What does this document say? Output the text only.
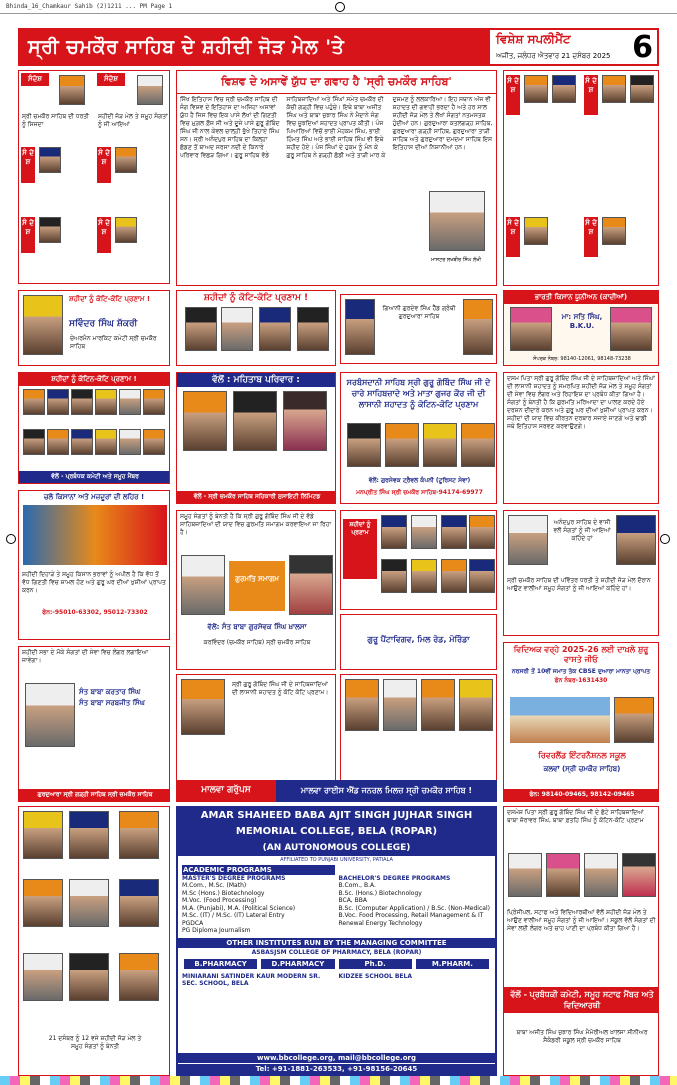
Bhinda_16_Chamkaur Sahib (2)1211 ... PM Page 1
ਸ੍ਰੀ ਚਮਕੌਰ ਸਾਹਿਬ ਦੇ ਸ਼ਹੀਦੀ ਜੋੜ ਮੇਲ 'ਤੇ	ਵਿਸ਼ੇਸ਼ ਸਪਲੀਮੈਂਟ
ਅਜੀਤ, ਜਲੰਧਰ ਐਤਵਾਰ 21 ਦਸੰਬਰ 2025 6
ਸੰਦੇਸ਼	ਸੰਦੇਸ਼
ਸ੍ਰੀ ਚਮਕੌਰ ਸਾਹਿਬ ਦੀ ਧਰਤੀ ਨੂੰ ਸਿਜਦਾ
ਸ਼ਹੀਦੀ ਜੋੜ ਮੇਲ ਤੇ ਸਮੂਹ ਸੰਗਤਾਂ ਨੂੰ ਜੀ ਆਇਆਂ
ਸੰ ਦੇ ਸ਼
ਸੰ ਦੇ ਸ਼
ਸੰ ਦੇ ਸ਼
ਸੰ ਦੇ ਸ਼
ਵਿਸ਼ਵ ਦੇ ਅਸਾਵੇਂ ਯੁੱਧ ਦਾ ਗਵਾਹ ਹੈ 'ਸ੍ਰੀ ਚਮਕੌਰ ਸਾਹਿਬ'
ਸਿੱਖ ਇਤਿਹਾਸ ਵਿਚ ਸ੍ਰੀ ਚਮਕੌਰ ਸਾਹਿਬ ਦੀ ਜੰਗ ਵਿਸ਼ਵ ਦੇ ਇਤਿਹਾਸ ਦਾ ਅਜਿਹਾ ਅਸਾਵਾਂ ਯੁੱਧ ਹੈ ਜਿਸ ਵਿਚ ਇਕ ਪਾਸੇ ਲੱਖਾਂ ਦੀ ਗਿਣਤੀ ਵਿਚ ਮੁਗ਼ਲ ਫ਼ੌਜ ਸੀ ਅਤੇ ਦੂਜੇ ਪਾਸੇ ਗੁਰੂ ਗੋਬਿੰਦ ਸਿੰਘ ਜੀ ਨਾਲ ਕੇਵਲ ਚਾਲ੍ਹੀ ਭੁੱਖੇ ਤਿਹਾਏ ਸਿੰਘ ਸਨ। ਸ੍ਰੀ ਅਨੰਦਪੁਰ ਸਾਹਿਬ ਦਾ ਕਿਲ੍ਹਾ ਛੱਡਣ ਤੋਂ ਬਾਅਦ ਸਰਸਾ ਨਦੀ ਦੇ ਕਿਨਾਰੇ ਪਰਿਵਾਰ ਵਿਛੜ ਗਿਆ। ਗੁਰੂ ਸਾਹਿਬ ਵੱਡੇ ਸਾਹਿਬਜ਼ਾਦਿਆਂ ਅਤੇ ਸਿੰਘਾਂ ਸਮੇਤ ਚਮਕੌਰ ਦੀ ਕੱਚੀ ਗੜ੍ਹੀ ਵਿਚ ਪਹੁੰਚੇ। ਇਥੇ ਬਾਬਾ ਅਜੀਤ ਸਿੰਘ ਅਤੇ ਬਾਬਾ ਜੁਝਾਰ ਸਿੰਘ ਨੇ ਮੈਦਾਨੇ ਜੰਗ ਵਿਚ ਜੂਝਦਿਆਂ ਸ਼ਹਾਦਤ ਪ੍ਰਾਪਤ ਕੀਤੀ। ਪੰਜ ਪਿਆਰਿਆਂ ਵਿਚੋਂ ਭਾਈ ਮੋਹਕਮ ਸਿੰਘ, ਭਾਈ ਹਿੰਮਤ ਸਿੰਘ ਅਤੇ ਭਾਈ ਸਾਹਿਬ ਸਿੰਘ ਵੀ ਇਥੇ ਸ਼ਹੀਦ ਹੋਏ। ਪੰਜ ਸਿੰਘਾਂ ਦੇ ਹੁਕਮ ਨੂੰ ਮੰਨ ਕੇ ਗੁਰੂ ਸਾਹਿਬ ਨੇ ਗੜ੍ਹੀ ਛੱਡੀ ਅਤੇ ਤਾੜੀ ਮਾਰ ਕੇ ਦੁਸ਼ਮਣ ਨੂੰ ਲਲਕਾਰਿਆ। ਇਹ ਸਥਾਨ ਅੱਜ ਵੀ ਸ਼ਹਾਦਤ ਦੀ ਗਵਾਹੀ ਭਰਦਾ ਹੈ ਅਤੇ ਹਰ ਸਾਲ ਸ਼ਹੀਦੀ ਜੋੜ ਮੇਲ ਤੇ ਲੱਖਾਂ ਸੰਗਤਾਂ ਨਤਮਸਤਕ ਹੁੰਦੀਆਂ ਹਨ। ਗੁਰਦੁਆਰਾ ਕਤਲਗੜ੍ਹ ਸਾਹਿਬ, ਗੁਰਦੁਆਰਾ ਗੜ੍ਹੀ ਸਾਹਿਬ, ਗੁਰਦੁਆਰਾ ਤਾੜੀ ਸਾਹਿਬ ਅਤੇ ਗੁਰਦੁਆਰਾ ਦਮਦਮਾ ਸਾਹਿਬ ਇਸ ਇਤਿਹਾਸ ਦੀਆਂ ਨਿਸ਼ਾਨੀਆਂ ਹਨ।
ਮਾਸਟਰ ਲਖਬੀਰ ਸਿੰਘ ਲੱਖੀ
ਸੰ ਦੇ ਸ਼
ਸੰ ਦੇ ਸ਼
ਸੰ ਦੇ ਸ਼
ਸੰ ਦੇ ਸ਼
ਸ਼ਹੀਦਾਂ ਨੂੰ ਕੋਟਿ-ਕੋਟਿ ਪ੍ਰਣਾਮ !
ਸਵਿੰਦਰ ਸਿੰਘ ਸ਼ੱਕਰੀ
ਚੇਅਰਮੈਨ ਮਾਰਕਿਟ ਕਮੇਟੀ ਸ੍ਰੀ ਚਮਕੌਰ ਸਾਹਿਬ
ਸ਼ਹੀਦਾਂ ਨੂੰ ਕੋਟਿ-ਕੋਟਿ ਪ੍ਰਣਾਮ !
ਗਿਆਨੀ ਗੁਰਦੇਵ ਸਿੰਘ ਹੈੱਡ ਗ੍ਰੰਥੀ ਗੁਰਦੁਆਰਾ ਸਾਹਿਬ
ਭਾਰਤੀ ਕਿਸਾਨ ਯੂਨੀਅਨ (ਕਾਦੀਆਂ)
ਮਾ: ਸਤਿ ਸਿੰਘ, B.K.U.
ਸੰਪਰਕ ਨੰਬਰ: 98140-12061, 98148-73238
ਸ਼ਹੀਦਾਂ ਨੂੰ ਕੋਟਿਨ-ਕੋਟਿ ਪ੍ਰਣਾਮ !
ਵੱਲੋਂ - ਪ੍ਰਬੰਧਕ ਕਮੇਟੀ ਅਤੇ ਸਮੂਹ ਮੈਂਬਰ
ਵੱਲੋਂ : ਮਹਿਤਾਬ ਪਰਿਵਾਰ :
ਵੱਲੋਂ - ਸ੍ਰੀ ਚਮਕੌਰ ਸਾਹਿਬ ਸਹਿਕਾਰੀ ਸੁਸਾਇਟੀ ਲਿਮਿਟਡ
ਸਰਬੰਸਦਾਨੀ ਸਾਹਿਬ ਸ੍ਰੀ ਗੁਰੂ ਗੋਬਿੰਦ ਸਿੰਘ ਜੀ ਦੇ ਚਾਰੇ ਸਾਹਿਬਜ਼ਾਦੇ ਅਤੇ ਮਾਤਾ ਗੁਜਰ ਕੌਰ ਜੀ ਦੀ ਲਾਸਾਨੀ ਸ਼ਹਾਦਤ ਨੂੰ ਕੋਟਿਨ-ਕੋਟਿ ਪ੍ਰਣਾਮ
ਵੱਲੋਂ: ਗੁਰਸੇਵਕ ਟ੍ਰੈਵਲ ਕੰਪਨੀ (ਟੂਰਿਸਟ ਸੇਵਾ)
ਮਨਪ੍ਰੀਤ ਸਿੰਘ ਸ੍ਰੀ ਚਮਕੌਰ ਸਾਹਿਬ-94174-69977
ਦਸਮ ਪਿਤਾ ਸ੍ਰੀ ਗੁਰੂ ਗੋਬਿੰਦ ਸਿੰਘ ਜੀ ਦੇ ਸਾਹਿਬਜ਼ਾਦਿਆਂ ਅਤੇ ਸਿੰਘਾਂ ਦੀ ਲਾਸਾਨੀ ਸ਼ਹਾਦਤ ਨੂੰ ਸਮਰਪਿਤ ਸ਼ਹੀਦੀ ਜੋੜ ਮੇਲ ਤੇ ਸਮੂਹ ਸੰਗਤਾਂ ਦੀ ਸੇਵਾ ਵਿਚ ਲੰਗਰ ਅਤੇ ਰਿਹਾਇਸ਼ ਦਾ ਪ੍ਰਬੰਧ ਕੀਤਾ ਗਿਆ ਹੈ। ਸੰਗਤਾਂ ਨੂੰ ਬੇਨਤੀ ਹੈ ਕਿ ਗੁਰਮਤਿ ਮਰਿਆਦਾ ਦਾ ਪਾਲਣ ਕਰਦੇ ਹੋਏ ਦਰਸ਼ਨ ਦੀਦਾਰੇ ਕਰਨ ਅਤੇ ਗੁਰੂ ਘਰ ਦੀਆਂ ਖੁਸ਼ੀਆਂ ਪ੍ਰਾਪਤ ਕਰਨ। ਸ਼ਹੀਦਾਂ ਦੀ ਯਾਦ ਵਿਚ ਕੀਰਤਨ ਦਰਬਾਰ ਸਜਾਏ ਜਾਣਗੇ ਅਤੇ ਢਾਡੀ ਜਥੇ ਇਤਿਹਾਸ ਸਰਵਣ ਕਰਵਾਉਣਗੇ।
ਚਲੋ ਕਿਸਾਨਾਂ ਅਤੇ ਮਜ਼ਦੂਰਾਂ ਦੀ ਲਹਿਰ !
ਸ਼ਹੀਦੀ ਦਿਹਾੜੇ ਤੇ ਸਮੂਹ ਕਿਸਾਨ ਭਰਾਵਾਂ ਨੂੰ ਅਪੀਲ ਹੈ ਕਿ ਵੱਧ ਤੋਂ ਵੱਧ ਗਿਣਤੀ ਵਿਚ ਸ਼ਾਮਲ ਹੋਣ ਅਤੇ ਗੁਰੂ ਘਰ ਦੀਆਂ ਖੁਸ਼ੀਆਂ ਪ੍ਰਾਪਤ ਕਰਨ।
ਫੋਨ:-95010-63302, 95012-73302
ਸਮੂਹ ਸੰਗਤਾਂ ਨੂੰ ਬੇਨਤੀ ਹੈ ਕਿ ਸ੍ਰੀ ਗੁਰੂ ਗੋਬਿੰਦ ਸਿੰਘ ਜੀ ਦੇ ਵੱਡੇ ਸਾਹਿਬਜ਼ਾਦਿਆਂ ਦੀ ਯਾਦ ਵਿਚ ਗੁਰਮਤਿ ਸਮਾਗਮ ਕਰਵਾਇਆ ਜਾ ਰਿਹਾ ਹੈ।
ਗੁਰਮਤਿ ਸਮਾਗਮ
ਵੱਲੋਂ: ਸੰਤ ਬਾਬਾ ਗੁਰਸੇਵਕ ਸਿੰਘ ਖ਼ਾਲਸਾ
ਕਰਵਿੰਦਰ (ਚਮਕੌਰ ਸਾਹਿਬ) ਸ੍ਰੀ ਚਮਕੌਰ ਸਾਹਿਬ
ਸ਼ਹੀਦਾਂ ਨੂੰ ਪ੍ਰਣਾਮ
ਗੁਰੂ ਪੈਂਟਾਵਿਗਵ, ਮਿਲ ਰੋਡ, ਮੋਰਿੰਡਾ
ਅਨੰਦਪੁਰ ਸਾਹਿਬ ਦੇ ਵਾਸੀ ਵਲੋਂ ਸੰਗਤਾਂ ਨੂੰ ਜੀ ਆਇਆਂ ਕਹਿੰਦੇ ਹਾਂ
ਸ੍ਰੀ ਚਮਕੌਰ ਸਾਹਿਬ ਦੀ ਪਵਿੱਤਰ ਧਰਤੀ ਤੇ ਸ਼ਹੀਦੀ ਜੋੜ ਮੇਲ ਦੌਰਾਨ ਆਉਣ ਵਾਲੀਆਂ ਸਮੂਹ ਸੰਗਤਾਂ ਨੂੰ ਜੀ ਆਇਆਂ ਕਹਿੰਦੇ ਹਾਂ।
ਸ਼ਹੀਦੀ ਸਭਾ ਦੇ ਮੌਕੇ ਸੰਗਤਾਂ ਦੀ ਸੇਵਾ ਵਿਚ ਲੰਗਰ ਲਗਾਇਆ ਜਾਵੇਗਾ।
ਸੰਤ ਬਾਬਾ ਕਰਤਾਰ ਸਿੰਘ
ਸੰਤ ਬਾਬਾ ਸਰਬਜੀਤ ਸਿੰਘ
ਗੁਰਦੁਆਰਾ ਸ੍ਰੀ ਗੜ੍ਹੀ ਸਾਹਿਬ ਸ੍ਰੀ ਚਮਕੌਰ ਸਾਹਿਬ
ਸ੍ਰੀ ਗੁਰੂ ਗੋਬਿੰਦ ਸਿੰਘ ਜੀ ਦੇ ਸਾਹਿਬਜ਼ਾਦਿਆਂ ਦੀ ਲਾਸਾਨੀ ਸ਼ਹਾਦਤ ਨੂੰ ਕੋਟਿ ਕੋਟਿ ਪ੍ਰਣਾਮ।
ਮਾਲਵਾ ਗਰੁੱਪਸ	ਮਾਲਵਾ ਰਾਈਸ ਐਂਡ ਜਨਰਲ ਮਿਲਜ਼ ਸ੍ਰੀ ਚਮਕੌਰ ਸਾਹਿਬ !
ਵਿਦਿਅਕ ਵਰ੍ਹੇ 2025-26 ਲਈ ਦਾਖ਼ਲੇ ਸ਼ੁਰੂ ਵਾਸਤੇ ਜੀਓ
ਨਰਸਰੀ ਤੋਂ 10ਵੀਂ ਜਮਾਤ ਤੱਕ CBSE ਦੁਆਰਾ ਮਾਨਤਾ ਪ੍ਰਾਪਤ
ਫੋਨ ਨੰਬਰ-1631430
ਰਿਵਰਲੈਂਡ ਇੰਟਰਨੈਸ਼ਨਲ ਸਕੂਲ
ਕਲਵਾਂ (ਸ੍ਰੀ ਚਮਕੌਰ ਸਾਹਿਬ)
ਫੋਨ: 98140-09465, 98142-09465
AMAR SHAHEED BABA AJIT SINGH JUJHAR SINGH
MEMORIAL COLLEGE, BELA (ROPAR)
(AN AUTONOMOUS COLLEGE)
AFFILIATED TO PUNJABI UNIVERSITY, PATIALA
ACADEMIC PROGRAMS
MASTER'S DEGREE PROGRAMS
M.Com., M.Sc. (Math)
M.Sc (Hons.) Biotechnology
M.Voc. (Food Processing)
M.A. (Punjabi), M.A. (Political Science)
M.Sc. (IT) / M.Sc. (IT) Lateral Entry
PGDCA
PG Diploma Journalism
BACHELOR'S DEGREE PROGRAMS
B.Com., B.A.
B.Sc. (Hons.) Biotechnology
BCA, BBA
B.Sc. (Computer Application) / B.Sc. (Non-Medical)
B.Voc. Food Processing, Retail Management & IT
Renewal Energy Technology
OTHER INSTITUTES RUN BY THE MANAGING COMMITTEE
ASBASJSM COLLEGE OF PHARMACY, BELA (ROPAR)
B.PHARMACY	D.PHARMACY	Ph.D.	M.PHARM.
MINIARANI SATINDER KAUR MODERN SR. SEC. SCHOOL, BELA
KIDZEE SCHOOL BELA
www.bbcollege.org, mail@bbcollege.org
Tel: +91-1881-263533, +91-98156-20645
21 ਦਸੰਬਰ ਨੂੰ 12 ਵਜੇ ਸ਼ਹੀਦੀ ਜੋੜ ਮੇਲ ਤੇ
ਸਮੂਹ ਸੰਗਤਾਂ ਨੂੰ ਬੇਨਤੀ
ਦਸਮੇਸ਼ ਪਿਤਾ ਸ੍ਰੀ ਗੁਰੂ ਗੋਬਿੰਦ ਸਿੰਘ ਜੀ ਦੇ ਛੋਟੇ ਸਾਹਿਬਜ਼ਾਦਿਆਂ ਬਾਬਾ ਜ਼ੋਰਾਵਰ ਸਿੰਘ, ਬਾਬਾ ਫ਼ਤਹਿ ਸਿੰਘ ਨੂੰ ਕੋਟਿਨ-ਕੋਟਿ ਪ੍ਰਣਾਮ
ਪ੍ਰਿੰਸੀਪਲ, ਸਟਾਫ ਅਤੇ ਵਿਦਿਆਰਥੀਆਂ ਵੱਲੋਂ ਸ਼ਹੀਦੀ ਜੋੜ ਮੇਲ ਤੇ ਆਉਣ ਵਾਲੀਆਂ ਸਮੂਹ ਸੰਗਤਾਂ ਨੂੰ ਜੀ ਆਇਆਂ। ਸਕੂਲ ਵੱਲੋਂ ਸੰਗਤਾਂ ਦੀ ਸੇਵਾ ਲਈ ਲੰਗਰ ਅਤੇ ਚਾਹ ਪਾਣੀ ਦਾ ਪ੍ਰਬੰਧ ਕੀਤਾ ਗਿਆ ਹੈ।
ਵੱਲੋਂ - ਪ੍ਰਬੰਧਕੀ ਕਮੇਟੀ, ਸਮੂਹ ਸਟਾਫ ਮੈਂਬਰ ਅਤੇ ਵਿਦਿਆਰਥੀ
ਬਾਬਾ ਅਜੀਤ ਸਿੰਘ ਜੁਝਾਰ ਸਿੰਘ ਮੈਮੋਰੀਅਲ ਖ਼ਾਲਸਾ ਸੀਨੀਅਰ ਸੈਕੰਡਰੀ ਸਕੂਲ ਸ੍ਰੀ ਚਮਕੌਰ ਸਾਹਿਬ
